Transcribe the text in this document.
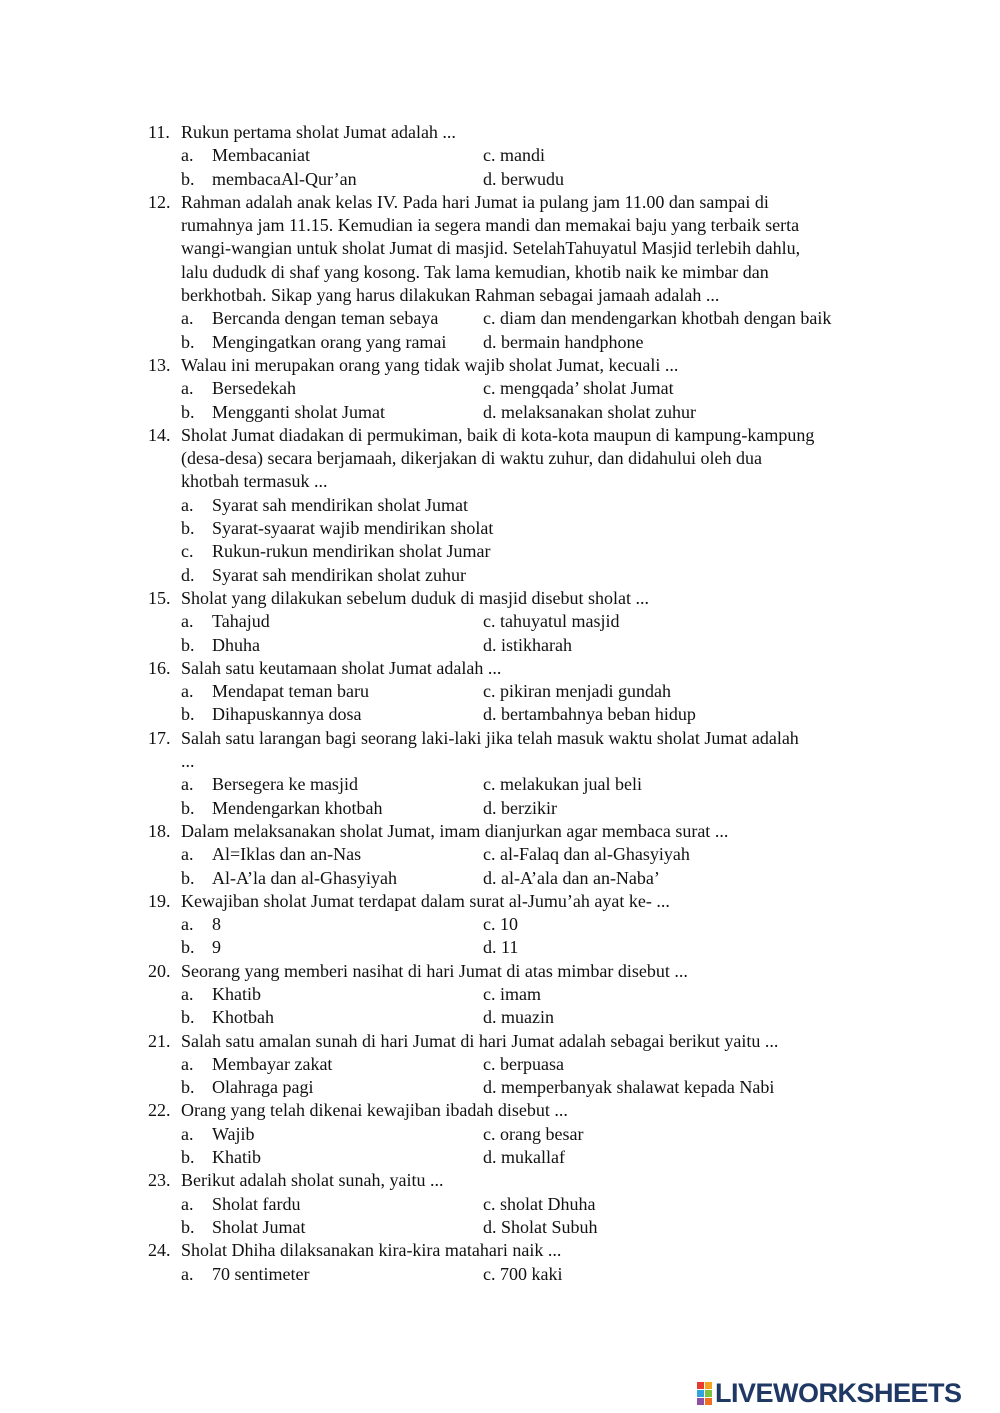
11. Rukun pertama sholat Jumat adalah ...
a. Membacaniat	c. mandi
b. membacaAl-Qur’an	d. berwudu
12. Rahman adalah anak kelas IV. Pada hari Jumat ia pulang jam 11.00 dan sampai di
rumahnya jam 11.15. Kemudian ia segera mandi dan memakai baju yang terbaik serta
wangi-wangian untuk sholat Jumat di masjid. SetelahTahuyatul Masjid terlebih dahlu,
lalu dududk di shaf yang kosong. Tak lama kemudian, khotib naik ke mimbar dan
berkhotbah. Sikap yang harus dilakukan Rahman sebagai jamaah adalah ...
a. Bercanda dengan teman sebaya c. diam dan mendengarkan khotbah dengan baik
b. Mengingatkan orang yang ramai d. bermain handphone
13. Walau ini merupakan orang yang tidak wajib sholat Jumat, kecuali ...
a. Bersedekah	c. mengqada’ sholat Jumat
b. Mengganti sholat Jumat	d. melaksanakan sholat zuhur
14. Sholat Jumat diadakan di permukiman, baik di kota-kota maupun di kampung-kampung
(desa-desa) secara berjamaah, dikerjakan di waktu zuhur, dan didahului oleh dua
khotbah termasuk ...
a. Syarat sah mendirikan sholat Jumat
b. Syarat-syaarat wajib mendirikan sholat
c. Rukun-rukun mendirikan sholat Jumar
d. Syarat sah mendirikan sholat zuhur
15. Sholat yang dilakukan sebelum duduk di masjid disebut sholat ...
a. Tahajud	c. tahuyatul masjid
b. Dhuha	d. istikharah
16. Salah satu keutamaan sholat Jumat adalah ...
a. Mendapat teman baru	c. pikiran menjadi gundah
b. Dihapuskannya dosa	d. bertambahnya beban hidup
17. Salah satu larangan bagi seorang laki-laki jika telah masuk waktu sholat Jumat adalah
...
a. Bersegera ke masjid	c. melakukan jual beli
b. Mendengarkan khotbah	d. berzikir
18. Dalam melaksanakan sholat Jumat, imam dianjurkan agar membaca surat ...
a. Al=Iklas dan an-Nas	c. al-Falaq dan al-Ghasyiyah
b. Al-A’la dan al-Ghasyiyah	d. al-A’ala dan an-Naba’
19. Kewajiban sholat Jumat terdapat dalam surat al-Jumu’ah ayat ke- ...
a. 8	c. 10
b. 9	d. 11
20. Seorang yang memberi nasihat di hari Jumat di atas mimbar disebut ...
a. Khatib	c. imam
b. Khotbah	d. muazin
21. Salah satu amalan sunah di hari Jumat di hari Jumat adalah sebagai berikut yaitu ...
a. Membayar zakat	c. berpuasa
b. Olahraga pagi	d. memperbanyak shalawat kepada Nabi
22. Orang yang telah dikenai kewajiban ibadah disebut ...
a. Wajib	c. orang besar
b. Khatib	d. mukallaf
23. Berikut adalah sholat sunah, yaitu ...
a. Sholat fardu	c. sholat Dhuha
b. Sholat Jumat	d. Sholat Subuh
24. Sholat Dhiha dilaksanakan kira-kira matahari naik ...
a. 70 sentimeter	c. 700 kaki
LIVEWORKSHEETS
